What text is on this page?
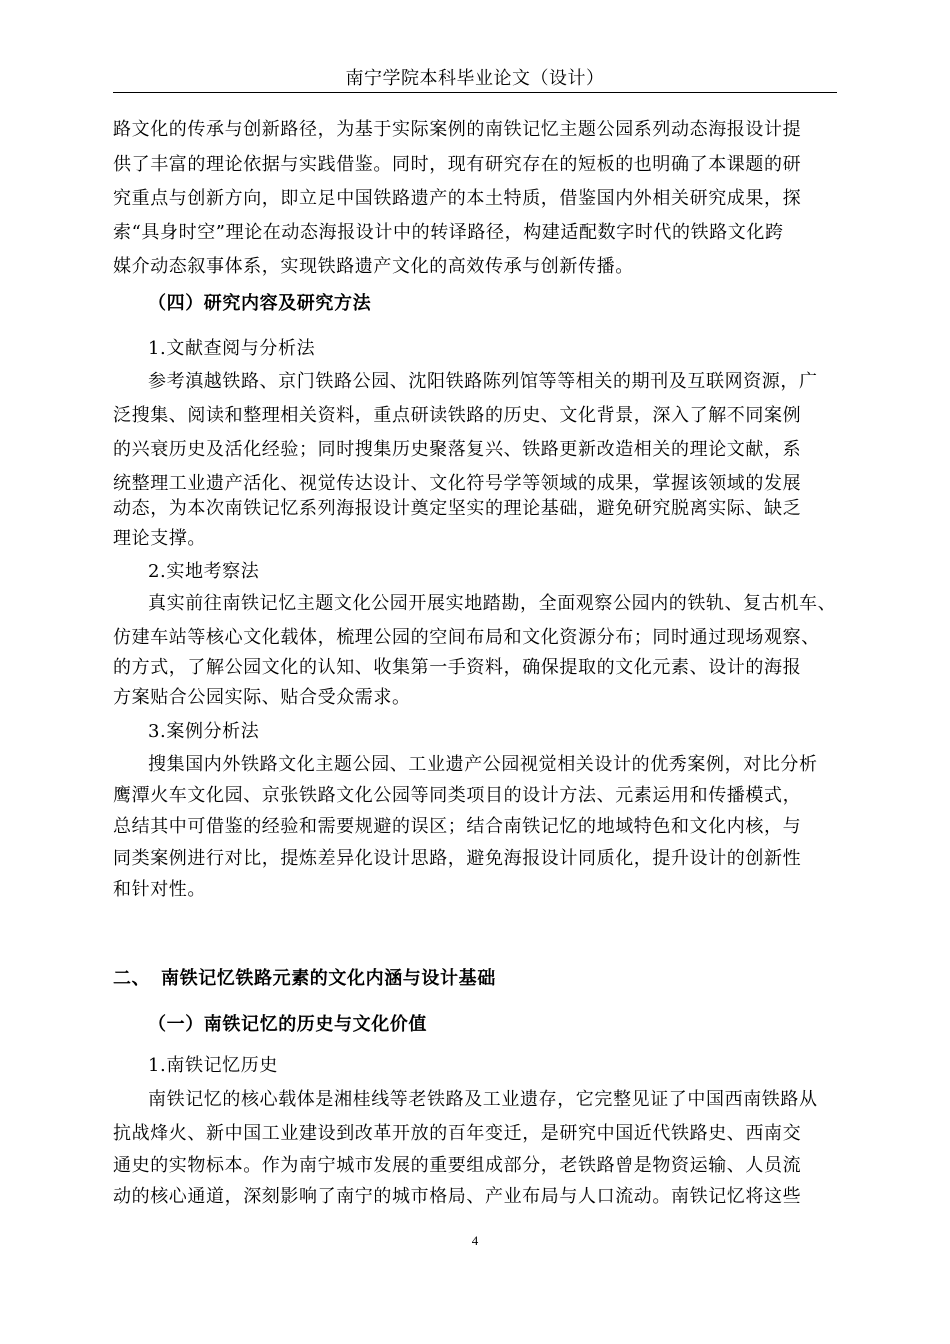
南宁学院本科毕业论文（设计）
路文化的传承与创新路径，为基于实际案例的南铁记忆主题公园系列动态海报设计提
供了丰富的理论依据与实践借鉴。同时，现有研究存在的短板的也明确了本课题的研
究重点与创新方向，即立足中国铁路遗产的本土特质，借鉴国内外相关研究成果，探
索“具身时空”理论在动态海报设计中的转译路径，构建适配数字时代的铁路文化跨
媒介动态叙事体系，实现铁路遗产文化的高效传承与创新传播。
（四）研究内容及研究方法
1.文献查阅与分析法
参考滇越铁路、京门铁路公园、沈阳铁路陈列馆等等相关的期刊及互联网资源，广
泛搜集、阅读和整理相关资料，重点研读铁路的历史、文化背景，深入了解不同案例
的兴衰历史及活化经验；同时搜集历史聚落复兴、铁路更新改造相关的理论文献，系
统整理工业遗产活化、视觉传达设计、文化符号学等领域的成果，掌握该领域的发展
动态，为本次南铁记忆系列海报设计奠定坚实的理论基础，避免研究脱离实际、缺乏
理论支撑。
2.实地考察法
真实前往南铁记忆主题文化公园开展实地踏勘，全面观察公园内的铁轨、复古机车、
仿建车站等核心文化载体，梳理公园的空间布局和文化资源分布；同时通过现场观察、
的方式，了解公园文化的认知、收集第一手资料，确保提取的文化元素、设计的海报
方案贴合公园实际、贴合受众需求。
3.案例分析法
搜集国内外铁路文化主题公园、工业遗产公园视觉相关设计的优秀案例，对比分析
鹰潭火车文化园、京张铁路文化公园等同类项目的设计方法、元素运用和传播模式，
总结其中可借鉴的经验和需要规避的误区；结合南铁记忆的地域特色和文化内核，与
同类案例进行对比，提炼差异化设计思路，避免海报设计同质化，提升设计的创新性
和针对性。
二、 南铁记忆铁路元素的文化内涵与设计基础
（一）南铁记忆的历史与文化价值
1.南铁记忆历史
南铁记忆的核心载体是湘桂线等老铁路及工业遗存，它完整见证了中国西南铁路从
抗战烽火、新中国工业建设到改革开放的百年变迁，是研究中国近代铁路史、西南交
通史的实物标本。作为南宁城市发展的重要组成部分，老铁路曾是物资运输、人员流
动的核心通道，深刻影响了南宁的城市格局、产业布局与人口流动。南铁记忆将这些
4
